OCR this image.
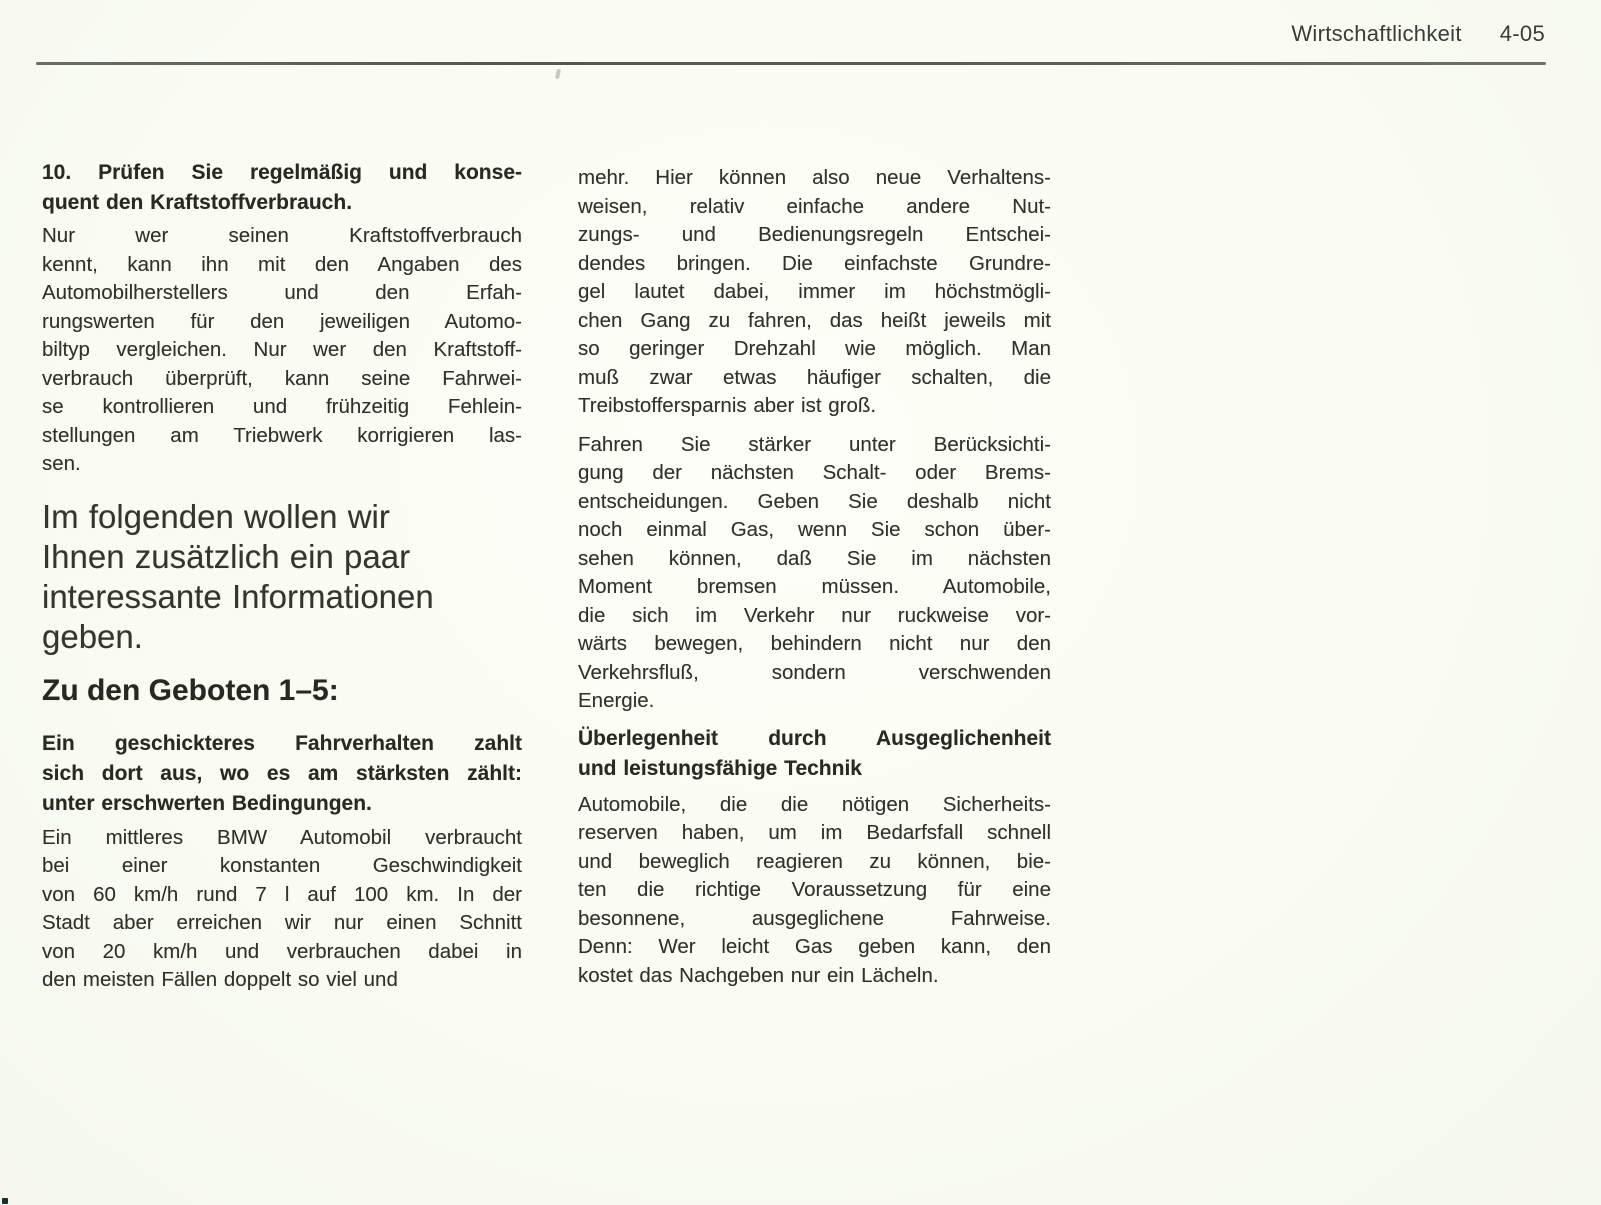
Wirtschaftlichkeit 4-05
10. Prüfen Sie regelmäßig und konse-
quent den Kraftstoffverbrauch.
Nur wer seinen Kraftstoffverbrauch
kennt, kann ihn mit den Angaben des
Automobilherstellers und den Erfah-
rungswerten für den jeweiligen Automo-
biltyp vergleichen. Nur wer den Kraftstoff-
verbrauch überprüft, kann seine Fahrwei-
se kontrollieren und frühzeitig Fehlein-
stellungen am Triebwerk korrigieren las-
sen.
Im folgenden wollen wir
Ihnen zusätzlich ein paar
interessante Informationen
geben.
Zu den Geboten 1–5:
Ein geschickteres Fahrverhalten zahlt
sich dort aus, wo es am stärksten zählt:
unter erschwerten Bedingungen.
Ein mittleres BMW Automobil verbraucht
bei einer konstanten Geschwindigkeit
von 60 km/h rund 7 l auf 100 km. In der
Stadt aber erreichen wir nur einen Schnitt
von 20 km/h und verbrauchen dabei in
den meisten Fällen doppelt so viel und
mehr. Hier können also neue Verhaltens-
weisen, relativ einfache andere Nut-
zungs- und Bedienungsregeln Entschei-
dendes bringen. Die einfachste Grundre-
gel lautet dabei, immer im höchstmögli-
chen Gang zu fahren, das heißt jeweils mit
so geringer Drehzahl wie möglich. Man
muß zwar etwas häufiger schalten, die
Treibstoffersparnis aber ist groß.
Fahren Sie stärker unter Berücksichti-
gung der nächsten Schalt- oder Brems-
entscheidungen. Geben Sie deshalb nicht
noch einmal Gas, wenn Sie schon über-
sehen können, daß Sie im nächsten
Moment bremsen müssen. Automobile,
die sich im Verkehr nur ruckweise vor-
wärts bewegen, behindern nicht nur den
Verkehrsfluß, sondern verschwenden
Energie.
Überlegenheit durch Ausgeglichenheit
und leistungsfähige Technik
Automobile, die die nötigen Sicherheits-
reserven haben, um im Bedarfsfall schnell
und beweglich reagieren zu können, bie-
ten die richtige Voraussetzung für eine
besonnene, ausgeglichene Fahrweise.
Denn: Wer leicht Gas geben kann, den
kostet das Nachgeben nur ein Lächeln.
